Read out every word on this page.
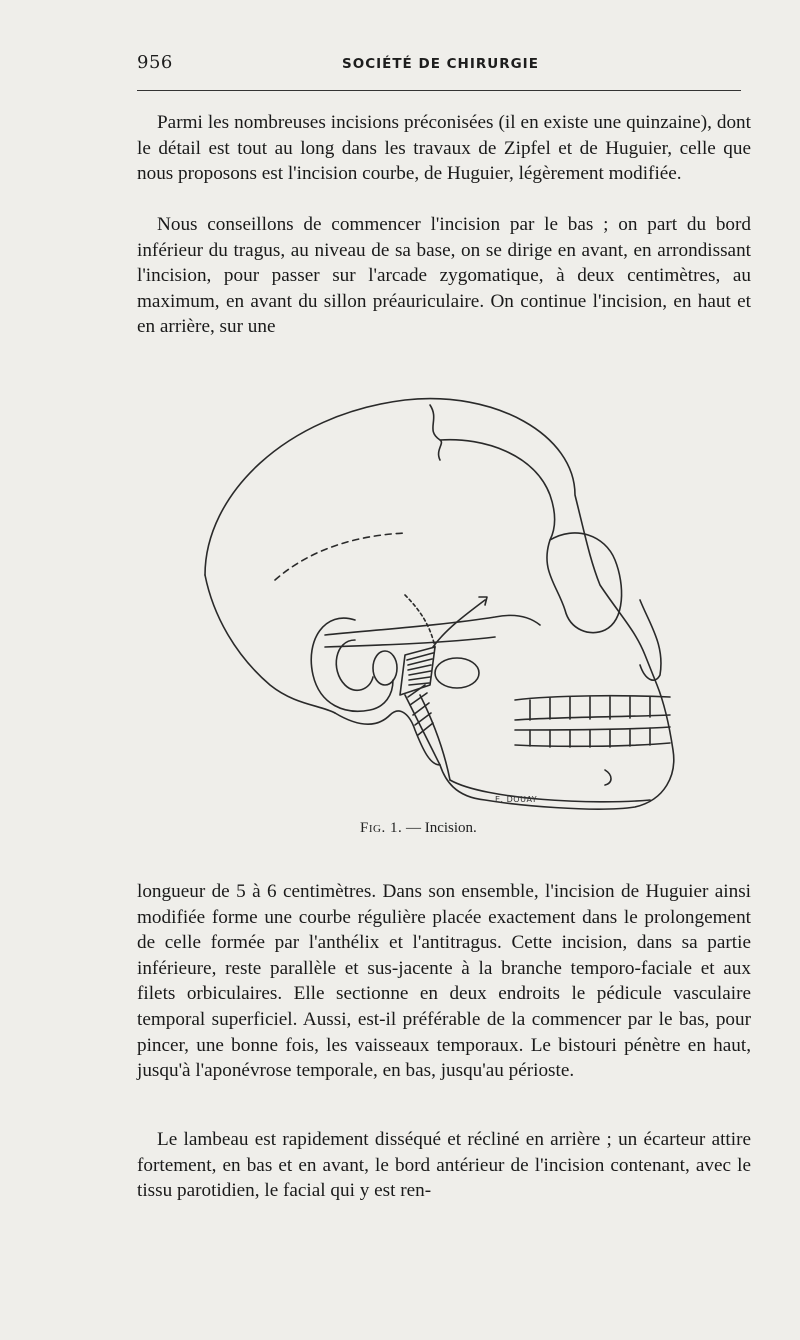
956	SOCIÉTÉ DE CHIRURGIE

Parmi les nombreuses incisions préconisées (il en existe une quinzaine), dont le détail est tout au long dans les travaux de Zipfel et de Huguier, celle que nous proposons est l'incision courbe, de Huguier, légèrement modifiée.

Nous conseillons de commencer l'incision par le bas ; on part du bord inférieur du tragus, au niveau de sa base, on se dirige en avant, en arrondissant l'incision, pour passer sur l'arcade zygomatique, à deux centimètres, au maximum, en avant du sillon préauriculaire. On continue l'incision, en haut et en arrière, sur une

E. DOUAY
Fig. 1. — Incision.

longueur de 5 à 6 centimètres. Dans son ensemble, l'incision de Huguier ainsi modifiée forme une courbe régulière placée exactement dans le prolongement de celle formée par l'anthélix et l'antitragus. Cette incision, dans sa partie inférieure, reste parallèle et sus-jacente à la branche temporo-faciale et aux filets orbiculaires. Elle sectionne en deux endroits le pédicule vasculaire temporal superficiel. Aussi, est-il préférable de la commencer par le bas, pour pincer, une bonne fois, les vaisseaux temporaux. Le bistouri pénètre en haut, jusqu'à l'aponévrose temporale, en bas, jusqu'au périoste.

Le lambeau est rapidement disséqué et récliné en arrière ; un écarteur attire fortement, en bas et en avant, le bord antérieur de l'incision contenant, avec le tissu parotidien, le facial qui y est ren-
